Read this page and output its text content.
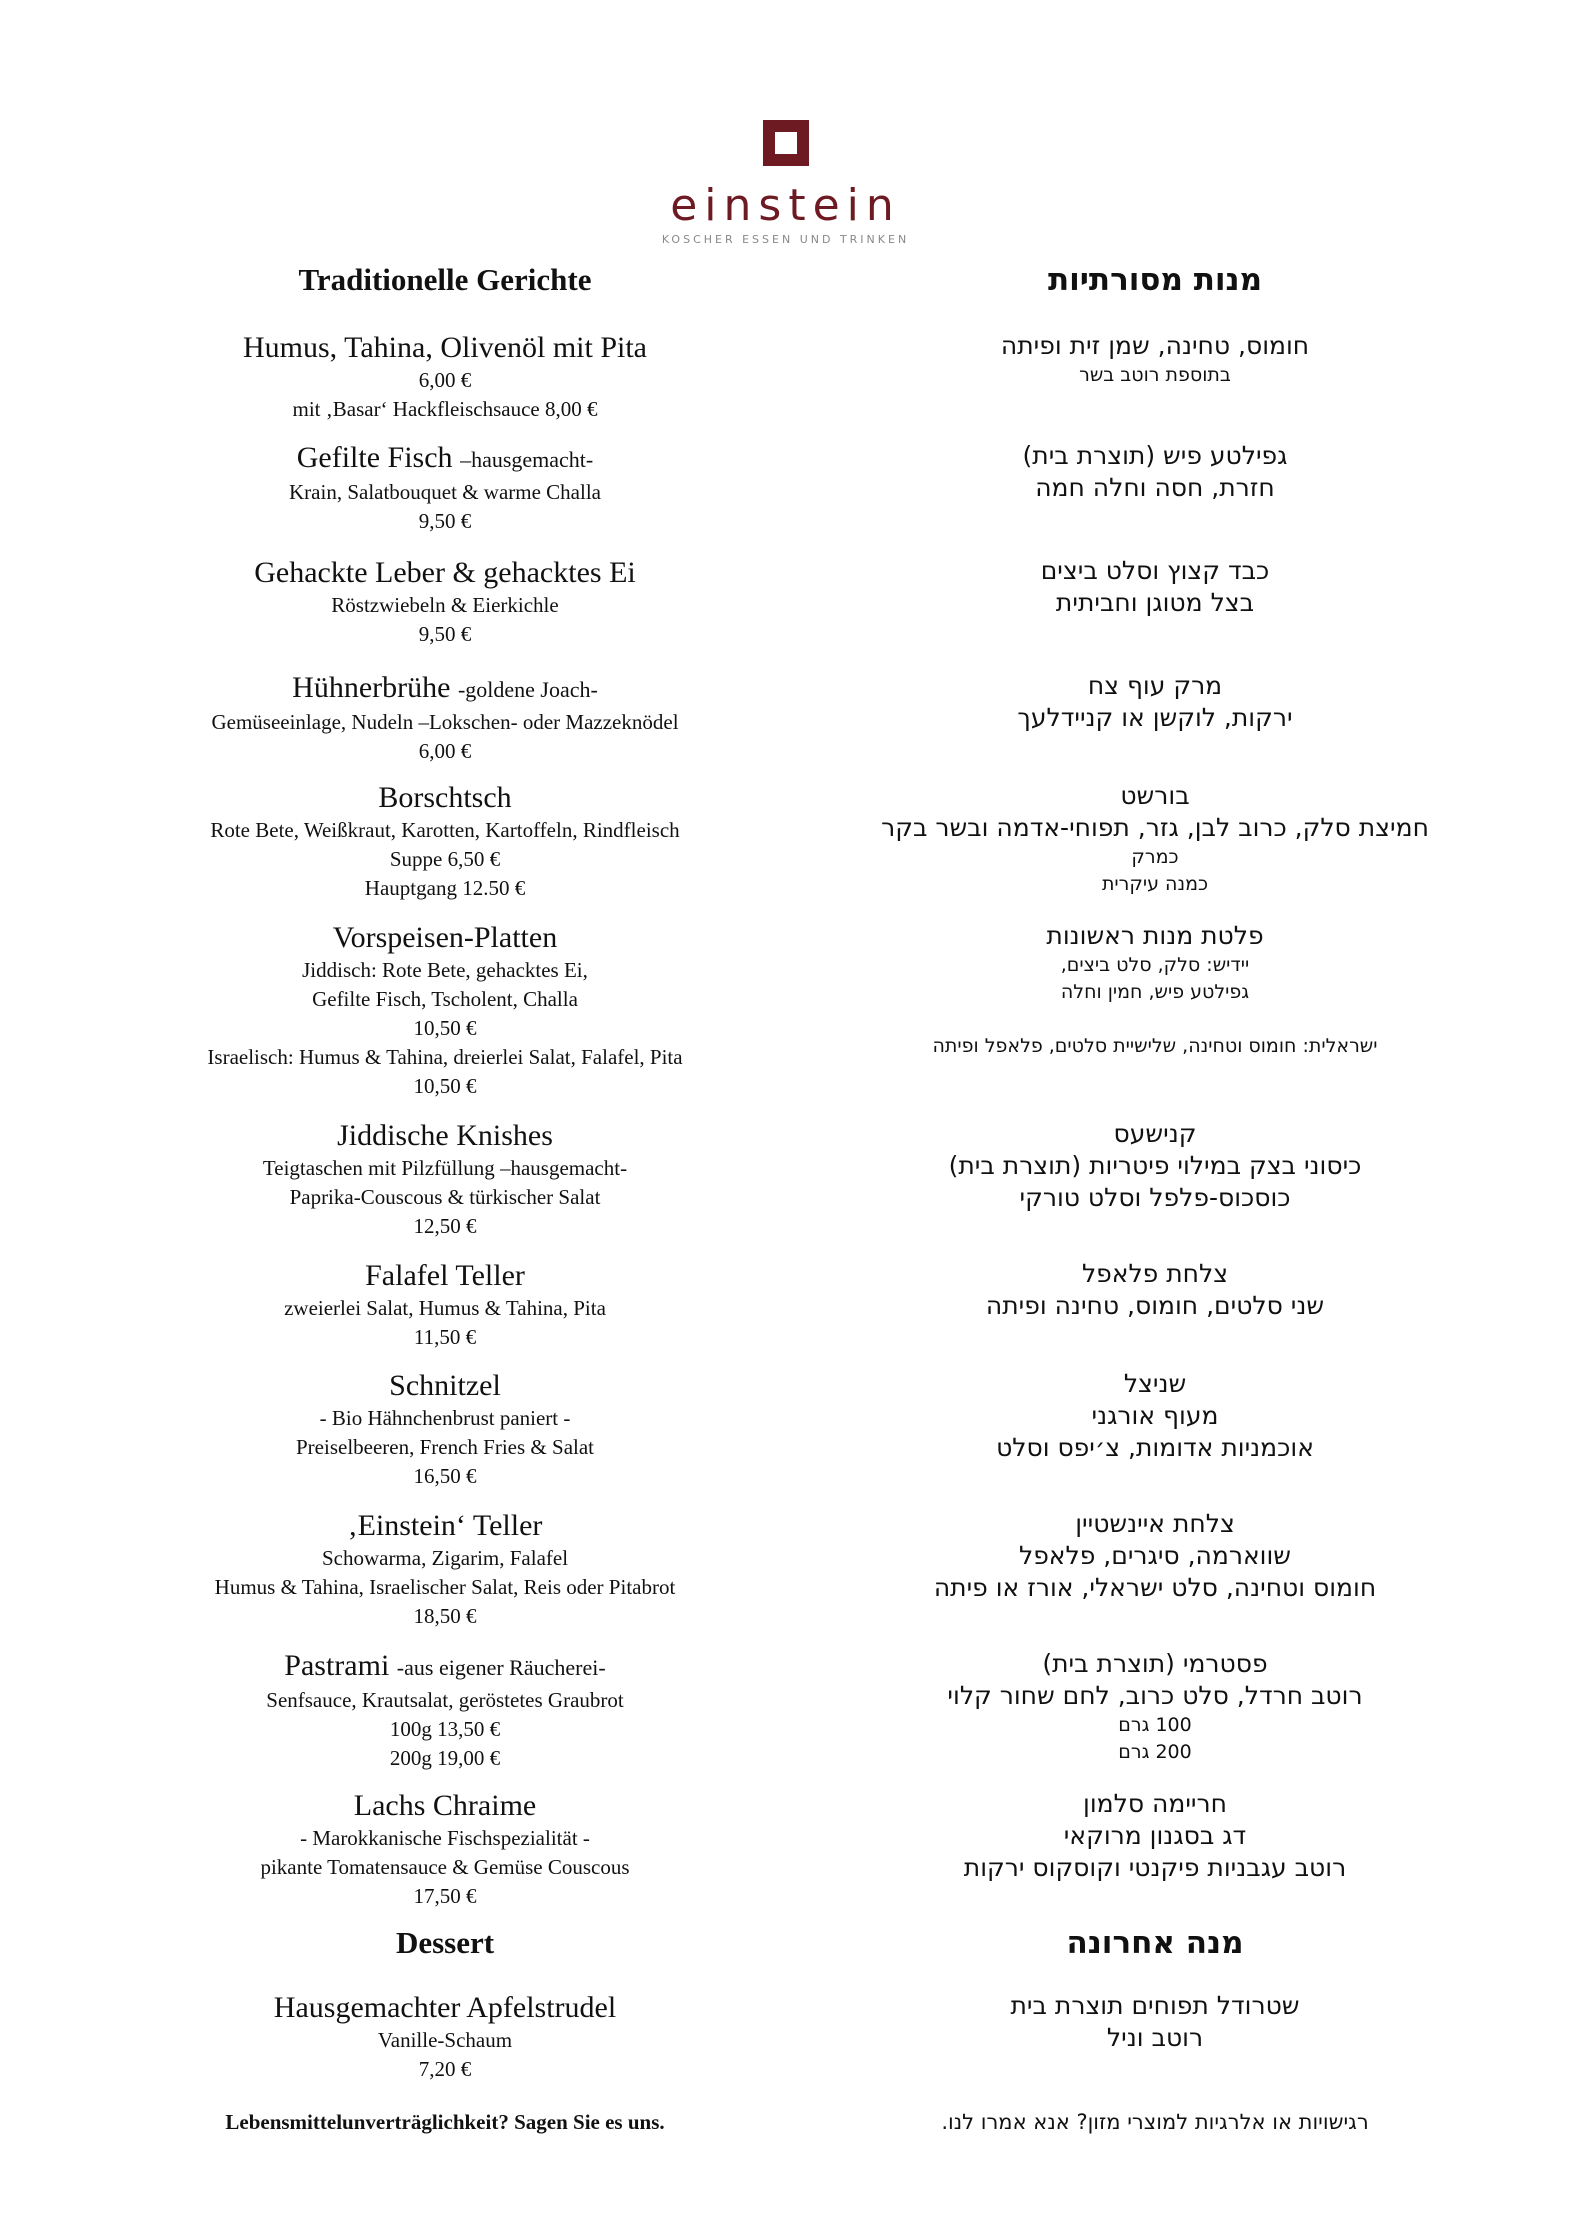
einstein
KOSCHER ESSEN UND TRINKEN
Traditionelle Gerichte
Humus, Tahina, Olivenöl mit Pita
6,00 €
mit ‚Basar‘ Hackfleischsauce 8,00 €
Gefilte Fisch –hausgemacht-
Krain, Salatbouquet & warme Challa
9,50 €
Gehackte Leber & gehacktes Ei
Röstzwiebeln & Eierkichle
9,50 €
Hühnerbrühe -goldene Joach-
Gemüseeinlage, Nudeln –Lokschen- oder Mazzeknödel
6,00 €
Borschtsch
Rote Bete, Weißkraut, Karotten, Kartoffeln, Rindfleisch
Suppe 6,50 €
Hauptgang 12.50 €
Vorspeisen-Platten
Jiddisch: Rote Bete, gehacktes Ei,
Gefilte Fisch, Tscholent, Challa
10,50 €
Israelisch: Humus & Tahina, dreierlei Salat, Falafel, Pita
10,50 €
Jiddische Knishes
Teigtaschen mit Pilzfüllung –hausgemacht-
Paprika-Couscous & türkischer Salat
12,50 €
Falafel Teller
zweierlei Salat, Humus & Tahina, Pita
11,50 €
Schnitzel
- Bio Hähnchenbrust paniert -
Preiselbeeren, French Fries & Salat
16,50 €
‚Einstein‘ Teller
Schowarma, Zigarim, Falafel
Humus & Tahina, Israelischer Salat, Reis oder Pitabrot
18,50 €
Pastrami -aus eigener Räucherei-
Senfsauce, Krautsalat, geröstetes Graubrot
100g 13,50 €
200g 19,00 €
Lachs Chraime
- Marokkanische Fischspezialität -
pikante Tomatensauce & Gemüse Couscous
17,50 €
Dessert
Hausgemachter Apfelstrudel
Vanille-Schaum
7,20 €
Lebensmittelunverträglichkeit? Sagen Sie es uns.
מנות מסורתיות
חומוס, טחינה, שמן זית ופיתה
בתוספת רוטב בשר
גפילטע פיש (תוצרת בית)
חזרת, חסה וחלה חמה
כבד קצוץ וסלט ביצים
בצל מטוגן וחביתית
מרק עוף צח
ירקות, לוקשן או קניידלעך
בורשט
חמיצת סלק, כרוב לבן, גזר, תפוחי-אדמה ובשר בקר
כמרק
כמנה עיקרית
פלטת מנות ראשונות
יידיש: סלק, סלט ביצים,
גפילטע פיש, חמין וחלה

ישראלית: חומוס וטחינה, שלישיית סלטים, פלאפל ופיתה
קנישעס
כיסוני בצק במילוי פיטריות (תוצרת בית)
כוסכוס-פלפל וסלט טורקי
צלחת פלאפל
שני סלטים, חומוס, טחינה ופיתה
שניצל
מעוף אורגני
אוכמניות אדומות, צ׳יפס וסלט
צלחת איינשטיין
שווארמה, סיגרים, פלאפל
חומוס וטחינה, סלט ישראלי, אורז או פיתה
פסטרמי (תוצרת בית)
רוטב חרדל, סלט כרוב, לחם שחור קלוי
100 גרם
200 גרם
חריימה סלמון
דג בסגנון מרוקאי
רוטב עגבניות פיקנטי וקוסקוס ירקות
מנה אחרונה
שטרודל תפוחים תוצרת בית
רוטב וניל
רגישויות או אלרגיות למוצרי מזון? אנא אמרו לנו.
